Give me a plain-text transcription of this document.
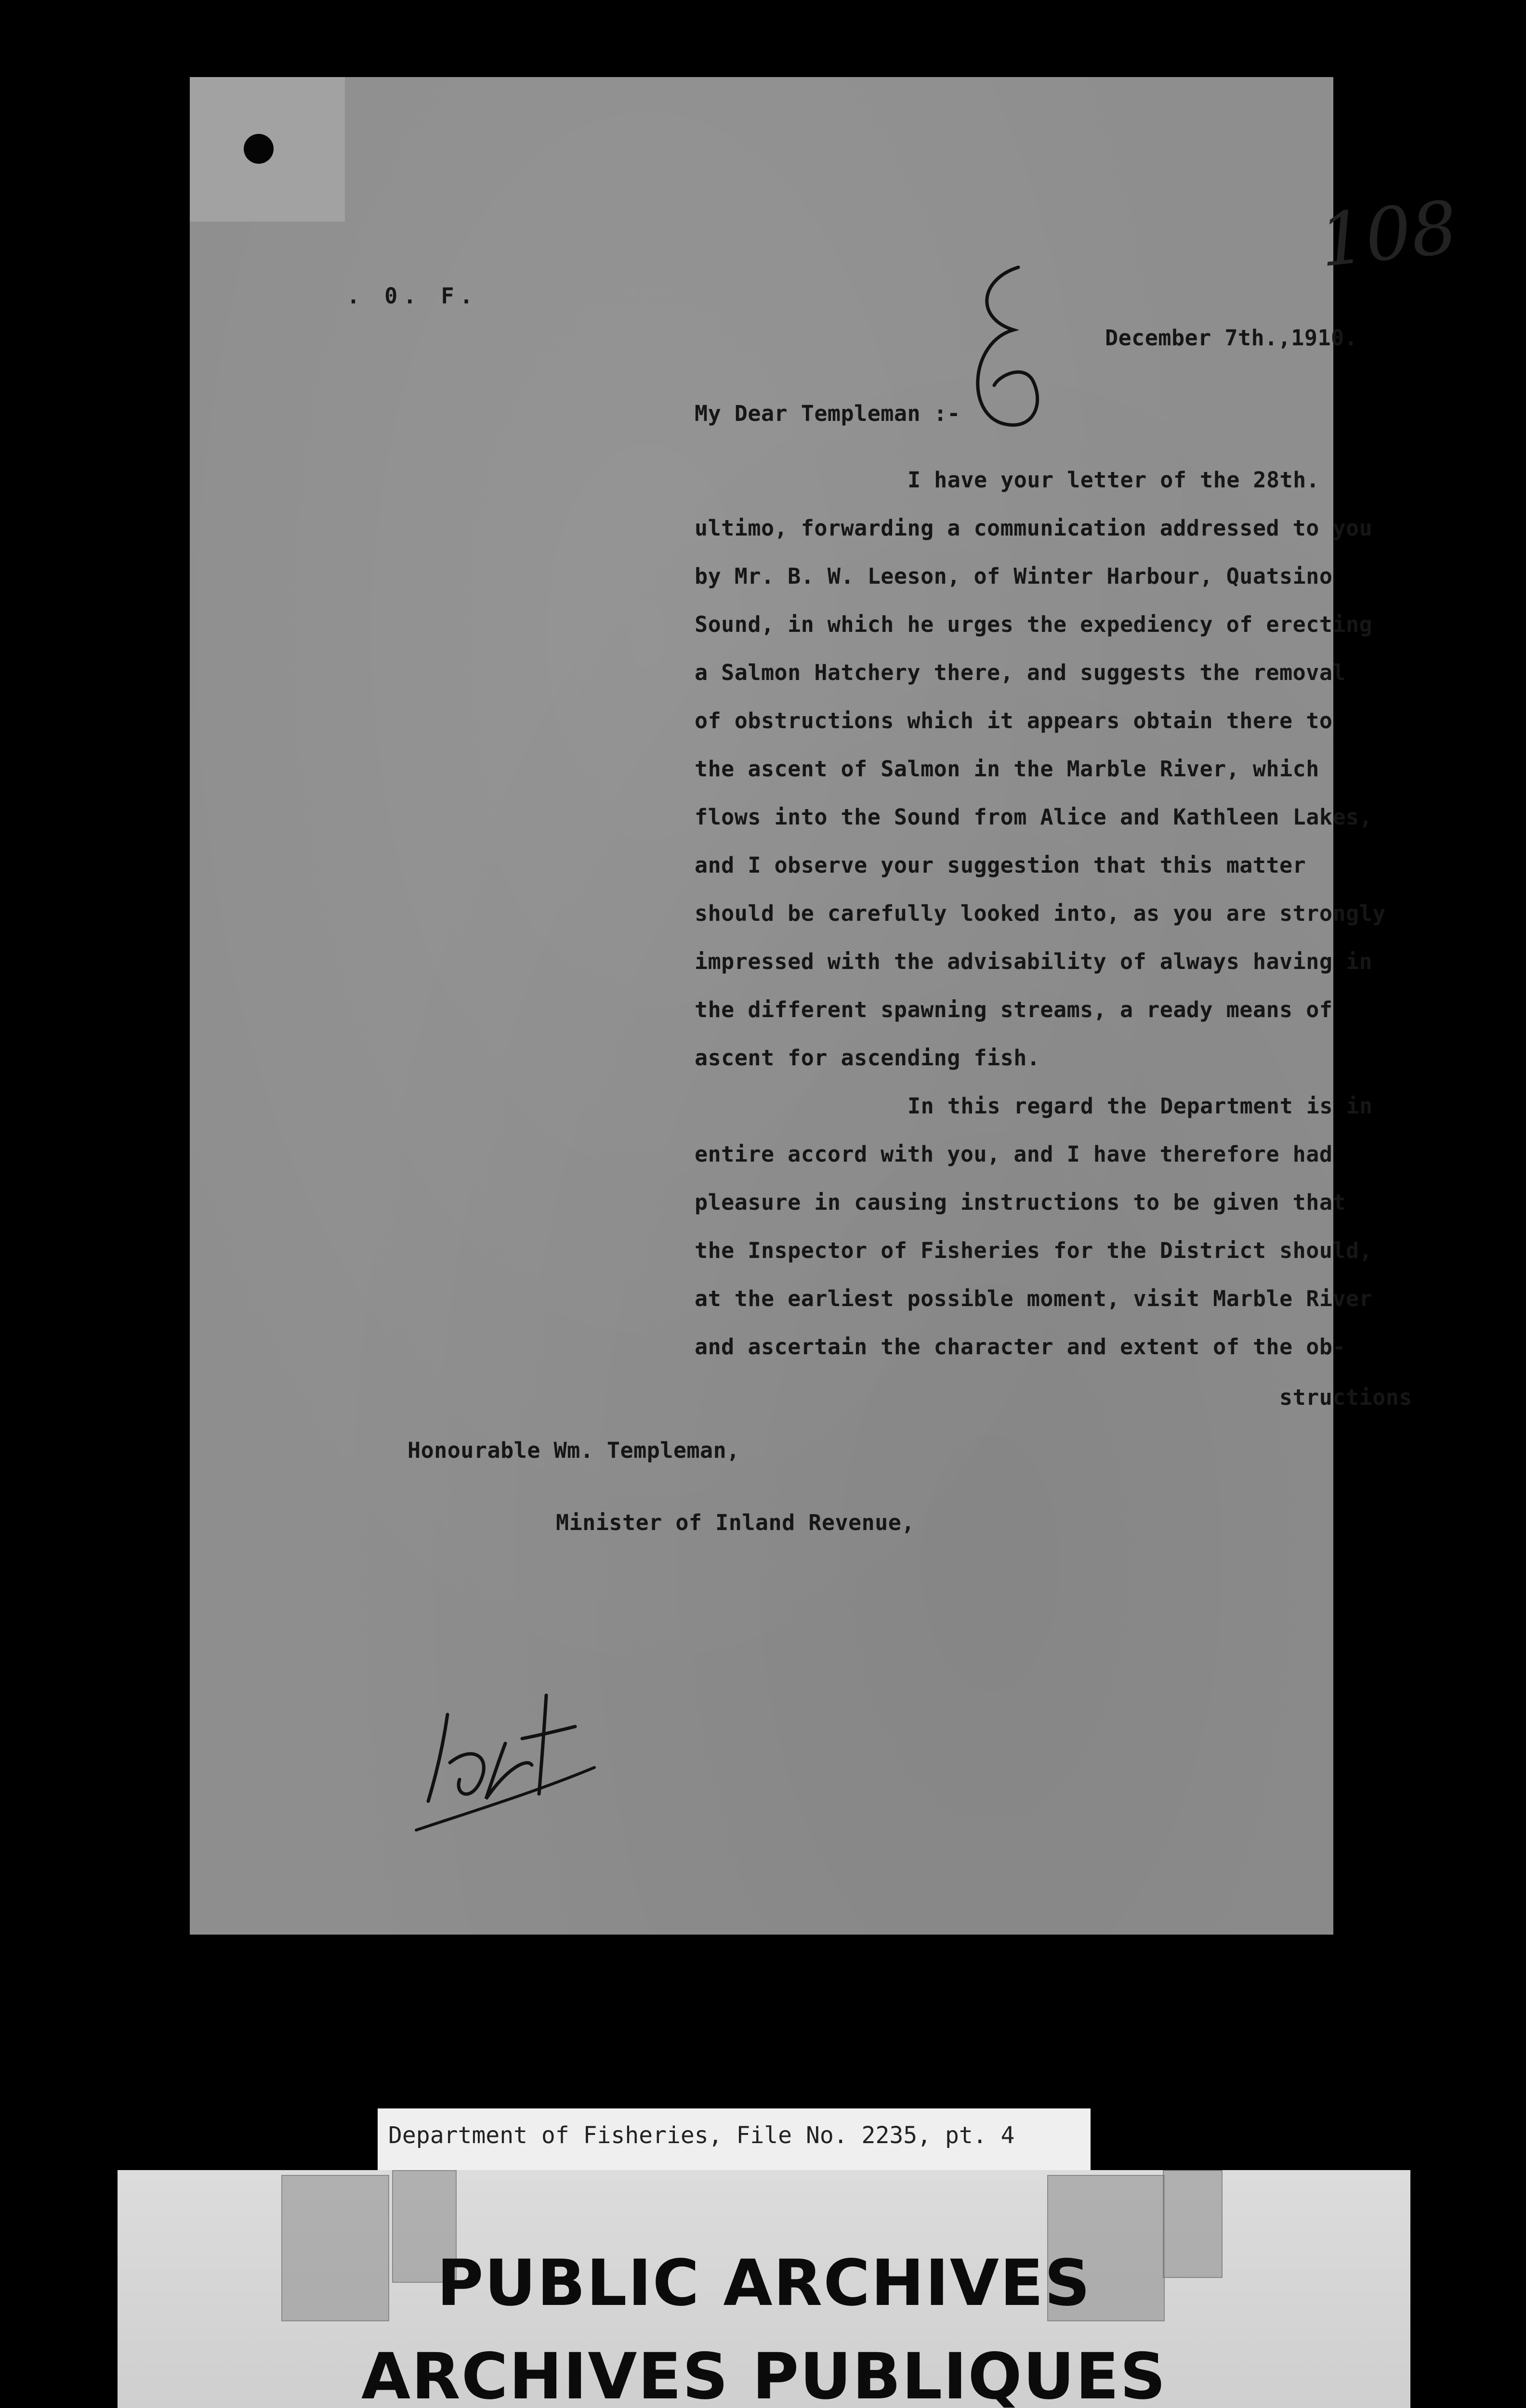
108
. 0. F.
December 7th.,1910.
My Dear Templeman :-
I have your letter of the 28th.
ultimo, forwarding a communication addressed to you
by Mr. B. W. Leeson, of Winter Harbour, Quatsino
Sound, in which he urges the expediency of erecting
a Salmon Hatchery there, and suggests the removal
of obstructions which it appears obtain there to
the ascent of Salmon in the Marble River, which
flows into the Sound from Alice and Kathleen Lakes,
and I observe your suggestion that this matter
should be carefully looked into, as you are strongly
impressed with the advisability of always having in
the different spawning streams, a ready means of
ascent for ascending fish.
In this regard the Department is in
entire accord with you, and I have therefore had
pleasure in causing instructions to be given that
the Inspector of Fisheries for the District should,
at the earliest possible moment, visit Marble River
and ascertain the character and extent of the ob-
structions
Honourable Wm. Templeman,
Minister of Inland Revenue,
Department of Fisheries, File No. 2235, pt. 4
PUBLIC ARCHIVES
ARCHIVES PUBLIQUES
